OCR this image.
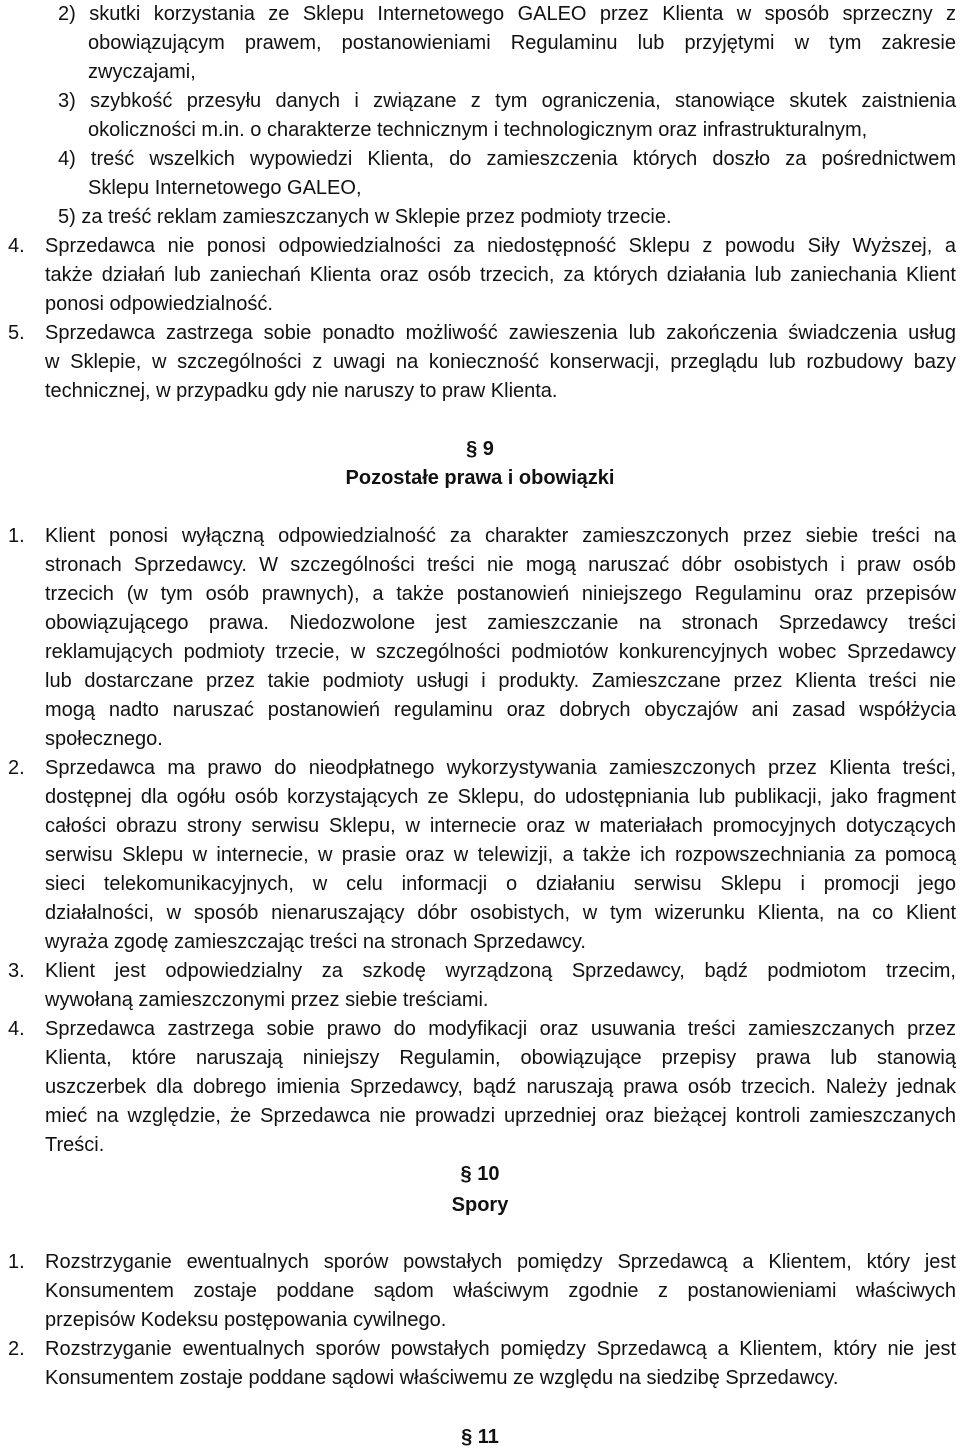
2) skutki korzystania ze Sklepu Internetowego GALEO przez Klienta w sposób sprzeczny z
obowiązującym prawem, postanowieniami Regulaminu lub przyjętymi w tym zakresie
zwyczajami,
3) szybkość przesyłu danych i związane z tym ograniczenia, stanowiące skutek zaistnienia
okoliczności m.in. o charakterze technicznym i technologicznym oraz infrastrukturalnym,
4) treść wszelkich wypowiedzi Klienta, do zamieszczenia których doszło za pośrednictwem
Sklepu Internetowego GALEO,
5) za treść reklam zamieszczanych w Sklepie przez podmioty trzecie.
4. Sprzedawca nie ponosi odpowiedzialności za niedostępność Sklepu z powodu Siły Wyższej, a
także działań lub zaniechań Klienta oraz osób trzecich, za których działania lub zaniechania Klient
ponosi odpowiedzialność.
5. Sprzedawca zastrzega sobie ponadto możliwość zawieszenia lub zakończenia świadczenia usług
w Sklepie, w szczególności z uwagi na konieczność konserwacji, przeglądu lub rozbudowy bazy
technicznej, w przypadku gdy nie naruszy to praw Klienta.
§ 9
Pozostałe prawa i obowiązki
1. Klient ponosi wyłączną odpowiedzialność za charakter zamieszczonych przez siebie treści na
stronach Sprzedawcy. W szczególności treści nie mogą naruszać dóbr osobistych i praw osób
trzecich (w tym osób prawnych), a także postanowień niniejszego Regulaminu oraz przepisów
obowiązującego prawa. Niedozwolone jest zamieszczanie na stronach Sprzedawcy treści
reklamujących podmioty trzecie, w szczególności podmiotów konkurencyjnych wobec Sprzedawcy
lub dostarczane przez takie podmioty usługi i produkty. Zamieszczane przez Klienta treści nie
mogą nadto naruszać postanowień regulaminu oraz dobrych obyczajów ani zasad współżycia
społecznego.
2. Sprzedawca ma prawo do nieodpłatnego wykorzystywania zamieszczonych przez Klienta treści,
dostępnej dla ogółu osób korzystających ze Sklepu, do udostępniania lub publikacji, jako fragment
całości obrazu strony serwisu Sklepu, w internecie oraz w materiałach promocyjnych dotyczących
serwisu Sklepu w internecie, w prasie oraz w telewizji, a także ich rozpowszechniania za pomocą
sieci telekomunikacyjnych, w celu informacji o działaniu serwisu Sklepu i promocji jego
działalności, w sposób nienaruszający dóbr osobistych, w tym wizerunku Klienta, na co Klient
wyraża zgodę zamieszczając treści na stronach Sprzedawcy.
3. Klient jest odpowiedzialny za szkodę wyrządzoną Sprzedawcy, bądź podmiotom trzecim,
wywołaną zamieszczonymi przez siebie treściami.
4. Sprzedawca zastrzega sobie prawo do modyfikacji oraz usuwania treści zamieszczanych przez
Klienta, które naruszają niniejszy Regulamin, obowiązujące przepisy prawa lub stanowią
uszczerbek dla dobrego imienia Sprzedawcy, bądź naruszają prawa osób trzecich. Należy jednak
mieć na względzie, że Sprzedawca nie prowadzi uprzedniej oraz bieżącej kontroli zamieszczanych
Treści.
§ 10
Spory
1. Rozstrzyganie ewentualnych sporów powstałych pomiędzy Sprzedawcą a Klientem, który jest
Konsumentem zostaje poddane sądom właściwym zgodnie z postanowieniami właściwych
przepisów Kodeksu postępowania cywilnego.
2. Rozstrzyganie ewentualnych sporów powstałych pomiędzy Sprzedawcą a Klientem, który nie jest
Konsumentem zostaje poddane sądowi właściwemu ze względu na siedzibę Sprzedawcy.
§ 11
